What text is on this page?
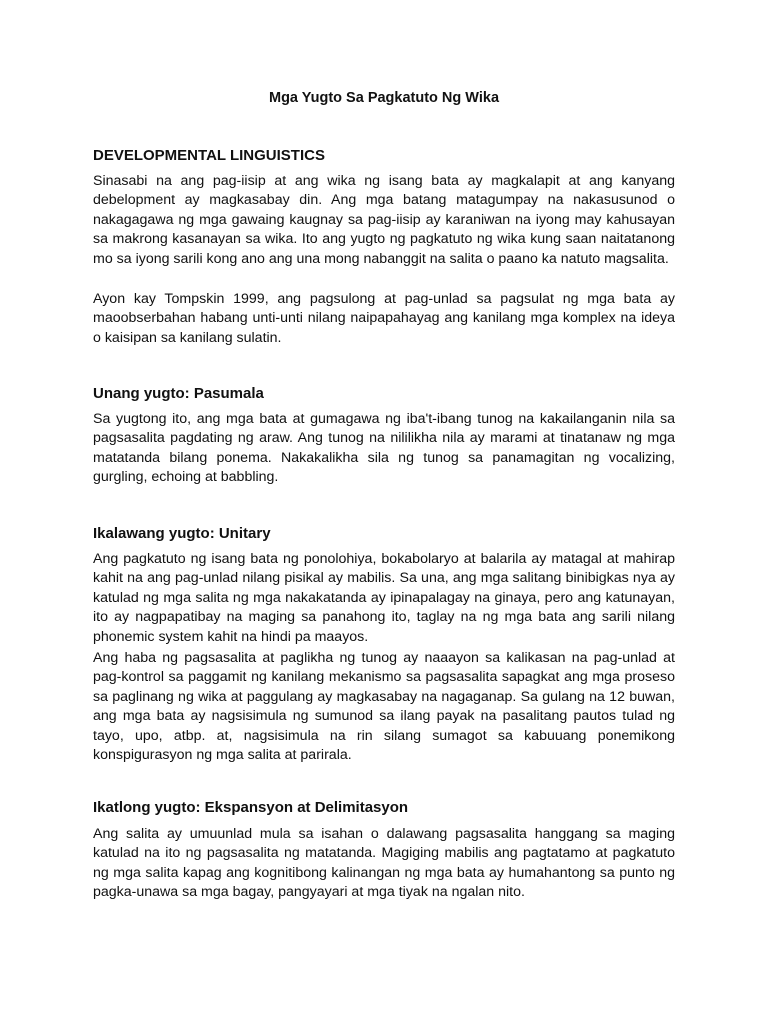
Mga Yugto Sa Pagkatuto Ng Wika
DEVELOPMENTAL LINGUISTICS

Sinasabi na ang pag-iisip at ang wika ng isang bata ay magkalapit at ang kanyang debelopment ay magkasabay din. Ang mga batang matagumpay na nakasusunod o nakagagawa ng mga gawaing kaugnay sa pag-iisip ay karaniwan na iyong may kahusayan sa makrong kasanayan sa wika. Ito ang yugto ng pagkatuto ng wika kung saan naitatanong mo sa iyong sarili kong ano ang una mong nabanggit na salita o paano ka natuto magsalita.

Ayon kay Tompskin 1999, ang pagsulong at pag-unlad sa pagsulat ng mga bata ay maoobserbahan habang unti-unti nilang naipapahayag ang kanilang mga komplex na ideya o kaisipan sa kanilang sulatin.

Unang yugto: Pasumala

Sa yugtong ito, ang mga bata at gumagawa ng iba't-ibang tunog na kakailanganin nila sa pagsasalita pagdating ng araw. Ang tunog na nililikha nila ay marami at tinatanaw ng mga matatanda bilang ponema. Nakakalikha sila ng tunog sa panamagitan ng vocalizing, gurgling, echoing at babbling.

Ikalawang yugto: Unitary

Ang pagkatuto ng isang bata ng ponolohiya, bokabolaryo at balarila ay matagal at mahirap kahit na ang pag-unlad nilang pisikal ay mabilis. Sa una, ang mga salitang binibigkas nya ay katulad ng mga salita ng mga nakakatanda ay ipinapalagay na ginaya, pero ang katunayan, ito ay nagpapatibay na maging sa panahong ito, taglay na ng mga bata ang sarili nilang phonemic system kahit na hindi pa maayos.

Ang haba ng pagsasalita at paglikha ng tunog ay naaayon sa kalikasan na pag-unlad at pag-kontrol sa paggamit ng kanilang mekanismo sa pagsasalita sapagkat ang mga proseso sa paglinang ng wika at paggulang ay magkasabay na nagaganap. Sa gulang na 12 buwan, ang mga bata ay nagsisimula ng sumunod sa ilang payak na pasalitang pautos tulad ng tayo, upo, atbp. at, nagsisimula na rin silang sumagot sa kabuuang ponemikong konspigurasyon ng mga salita at parirala.

Ikatlong yugto: Ekspansyon at Delimitasyon

Ang salita ay umuunlad mula sa isahan o dalawang pagsasalita hanggang sa maging katulad na ito ng pagsasalita ng matatanda. Magiging mabilis ang pagtatamo at pagkatuto ng mga salita kapag ang kognitibong kalinangan ng mga bata ay humahantong sa punto ng pagka-unawa sa mga bagay, pangyayari at mga tiyak na ngalan nito.
